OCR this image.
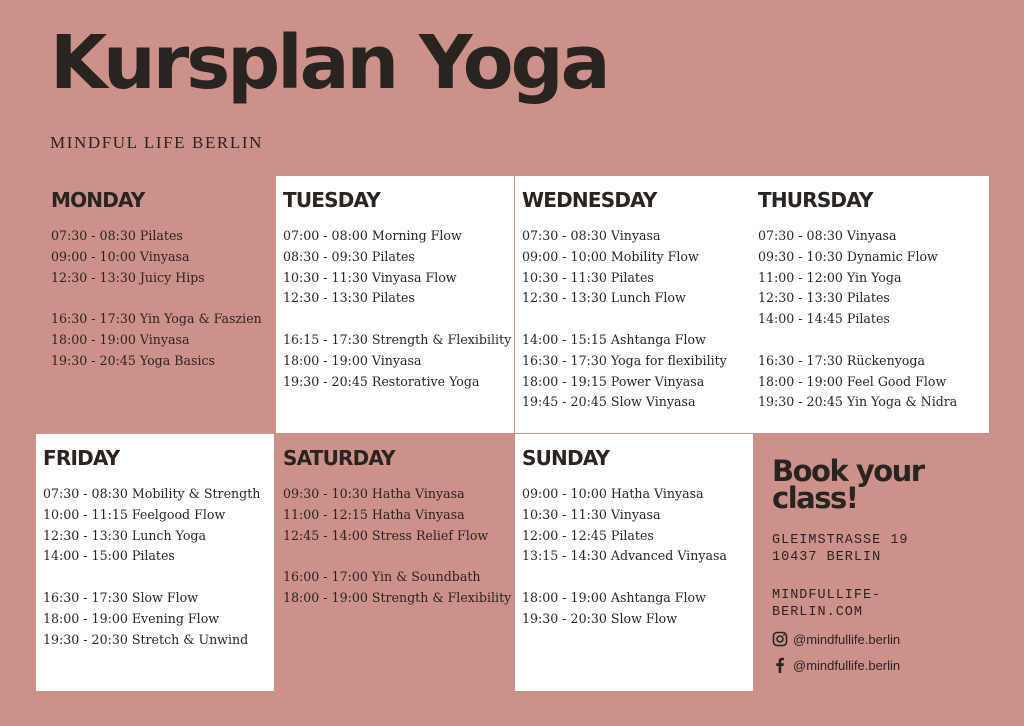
Kursplan Yoga
MINDFUL LIFE BERLIN
MONDAY
07:30 - 08:30 Pilates
09:00 - 10:00 Vinyasa
12:30 - 13:30 Juicy Hips
16:30 - 17:30 Yin Yoga & Faszien
18:00 - 19:00 Vinyasa
19:30 - 20:45 Yoga Basics
TUESDAY
07:00 - 08:00 Morning Flow
08:30 - 09:30 Pilates
10:30 - 11:30 Vinyasa Flow
12:30 - 13:30 Pilates
16:15 - 17:30 Strength & Flexibility
18:00 - 19:00 Vinyasa
19:30 - 20:45 Restorative Yoga
WEDNESDAY
07:30 - 08:30 Vinyasa
09:00 - 10:00 Mobility Flow
10:30 - 11:30 Pilates
12:30 - 13:30 Lunch Flow
14:00 - 15:15 Ashtanga Flow
16:30 - 17:30 Yoga for flexibility
18:00 - 19:15 Power Vinyasa
19:45 - 20:45 Slow Vinyasa
THURSDAY
07:30 - 08:30 Vinyasa
09:30 - 10:30 Dynamic Flow
11:00 - 12:00 Yin Yoga
12:30 - 13:30 Pilates
14:00 - 14:45 Pilates
16:30 - 17:30 Rückenyoga
18:00 - 19:00 Feel Good Flow
19:30 - 20:45 Yin Yoga & Nidra
FRIDAY
07:30 - 08:30 Mobility & Strength
10:00 - 11:15 Feelgood Flow
12:30 - 13:30 Lunch Yoga
14:00 - 15:00 Pilates
16:30 - 17:30 Slow Flow
18:00 - 19:00 Evening Flow
19:30 - 20:30 Stretch & Unwind
SATURDAY
09:30 - 10:30 Hatha Vinyasa
11:00 - 12:15 Hatha Vinyasa
12:45 - 14:00 Stress Relief Flow
16:00 - 17:00 Yin & Soundbath
18:00 - 19:00 Strength & Flexibility
SUNDAY
09:00 - 10:00 Hatha Vinyasa
10:30 - 11:30 Vinyasa
12:00 - 12:45 Pilates
13:15 - 14:30 Advanced Vinyasa
18:00 - 19:00 Ashtanga Flow
19:30 - 20:30 Slow Flow
Book your
class!
GLEIMSTRASSE 19
10437 BERLIN
MINDFULLIFE-
BERLIN.COM
@mindfullife.berlin
@mindfullife.berlin
